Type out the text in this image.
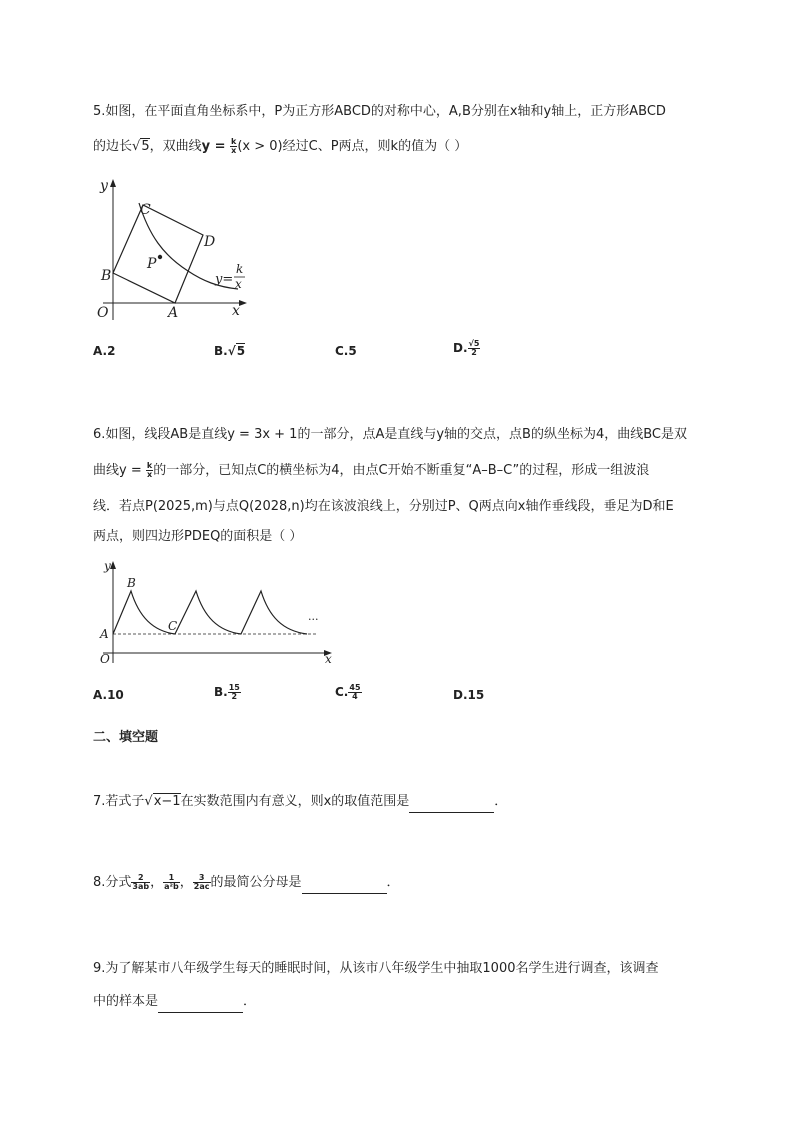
5.如图，在平面直角坐标系中，P为正方形ABCD的对称中心，A,B分别在x轴和y轴上，正方形ABCD
的边长√5，双曲线$y = \frac{k}{x} (x > 0)$经过C、P两点，则k的值为（ ）
y
x
O	A
B
C
D
P
y=
k
x
A.2	B.√5	C.5	D. $\frac{√5}{2}$
6.如图，线段AB是直线y = 3x + 1的一部分，点A是直线与y轴的交点，点B的纵坐标为4，曲线BC是双
曲线$y = \frac{k}{x}$ 的一部分，已知点C的横坐标为4，由点C开始不断重复“A–B–C”的过程，形成一组波浪
线．若点P(2025,m)与点Q(2028,n)均在该波浪线上，分别过P、Q两点向x轴作垂线段，垂足为D和E
两点，则四边形PDEQ的面积是（ ）
y
x
O
A
B
C
...
A.10	B. $\frac{15}{2}$	C. $\frac{45}{4}$	D.15
二、填空题
7.若式子√x−1在实数范围内有意义，则x的取值范围是	．
8.分式 $\frac{2}{3ab}$ ， $\frac{1}{\text{a²b}}$ ， $\frac{3}{2ac}$ 的最简公分母是	．
9.为了解某市八年级学生每天的睡眠时间，从该市八年级学生中抽取1000名学生进行调查，该调查
中的样本是	．
